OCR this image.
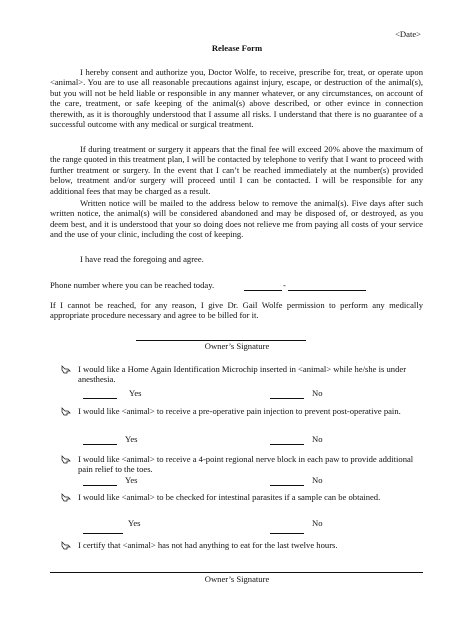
<Date>
Release Form
I hereby consent and authorize you, Doctor Wolfe, to receive, prescribe for, treat, or operate upon <animal>. You are to use all reasonable precautions against injury, escape, or destruction of the animal(s), but you will not be held liable or responsible in any manner whatever, or any circumstances, on account of the care, treatment, or safe keeping of the animal(s) above described, or other evince in connection therewith, as it is thoroughly understood that I assume all risks. I understand that there is no guarantee of a successful outcome with any medical or surgical treatment.
If during treatment or surgery it appears that the final fee will exceed 20% above the maximum of the range quoted in this treatment plan, I will be contacted by telephone to verify that I want to proceed with further treatment or surgery. In the event that I can’t be reached immediately at the number(s) provided below, treatment and/or surgery will proceed until I can be contacted. I will be responsible for any additional fees that may be charged as a result.
Written notice will be mailed to the address below to remove the animal(s). Five days after such written notice, the animal(s) will be considered abandoned and may be disposed of, or destroyed, as you deem best, and it is understood that your so doing does not relieve me from paying all costs of your service and the use of your clinic, including the cost of keeping.
I have read the foregoing and agree.
Phone number where you can be reached today.	-
If I cannot be reached, for any reason, I give Dr. Gail Wolfe permission to perform any medically appropriate procedure necessary and agree to be billed for it.
Owner’s Signature
I would like a Home Again Identification Microchip inserted in <animal> while he/she is under anesthesia.
Yes	No
I would like <animal> to receive a pre-operative pain injection to prevent post-operative pain.
Yes	No
I would like <animal> to receive a 4-point regional nerve block in each paw to provide additional pain relief to the toes.
Yes	No
I would like <animal> to be checked for intestinal parasites if a sample can be obtained.
Yes	No
I certify that <animal> has not had anything to eat for the last twelve hours.
Owner’s Signature
